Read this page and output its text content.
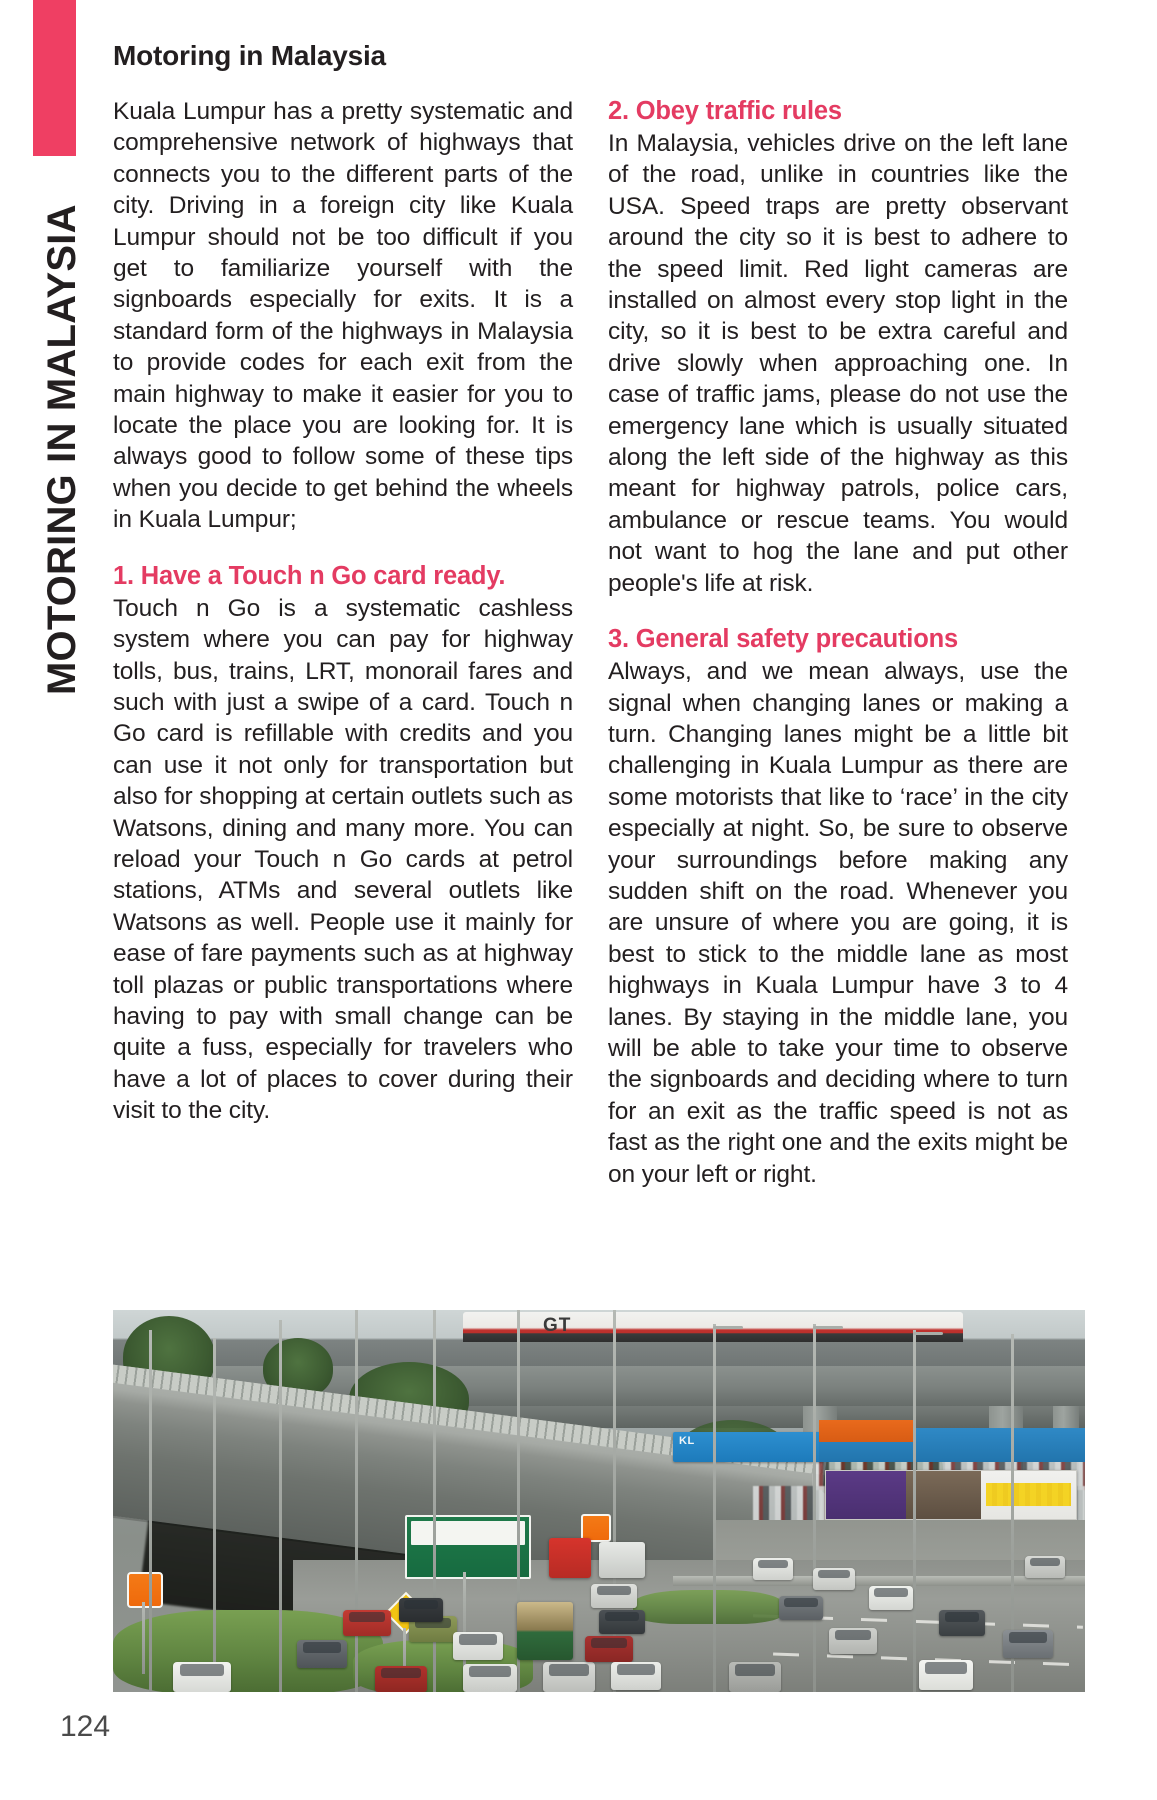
MOTORING IN MALAYSIA
Motoring in Malaysia

Kuala Lumpur has a pretty systematic and comprehensive network of highways that connects you to the different parts of the city. Driving in a foreign city like Kuala Lumpur should not be too difficult if you get to familiarize yourself with the signboards especially for exits. It is a standard form of the highways in Malaysia to provide codes for each exit from the main highway to make it easier for you to locate the place you are looking for. It is always good to follow some of these tips when you decide to get behind the wheels in Kuala Lumpur;

1. Have a Touch n Go card ready.

Touch n Go is a systematic cashless system where you can pay for highway tolls, bus, trains, LRT, monorail fares and such with just a swipe of a card. Touch n Go card is refillable with credits and you can use it not only for transportation but also for shopping at certain outlets such as Watsons, dining and many more. You can reload your Touch n Go cards at petrol stations, ATMs and several outlets like Watsons as well. People use it mainly for ease of fare payments such as at highway toll plazas or public transportations where having to pay with small change can be quite a fuss, especially for travelers who have a lot of places to cover during their visit to the city.

2. Obey traffic rules

In Malaysia, vehicles drive on the left lane of the road, unlike in countries like the USA. Speed traps are pretty observant around the city so it is best to adhere to the speed limit. Red light cameras are installed on almost every stop light in the city, so it is best to be extra careful and drive slowly when approaching one. In case of traffic jams, please do not use the emergency lane which is usually situated along the left side of the highway as this meant for highway patrols, police cars, ambulance or rescue teams. You would not want to hog the lane and put other people's life at risk.

3. General safety precautions

Always, and we mean always, use the signal when changing lanes or making a turn. Changing lanes might be a little bit challenging in Kuala Lumpur as there are some motorists that like to ‘race’ in the city especially at night. So, be sure to observe your surroundings before making any sudden shift on the road. Whenever you are unsure of where you are going, it is best to stick to the middle lane as most highways in Kuala Lumpur have 3 to 4 lanes. By staying in the middle lane, you will be able to take your time to observe the signboards and deciding where to turn for an exit as the traffic speed is not as fast as the right one and the exits might be on your left or right.

GT
KL
124
